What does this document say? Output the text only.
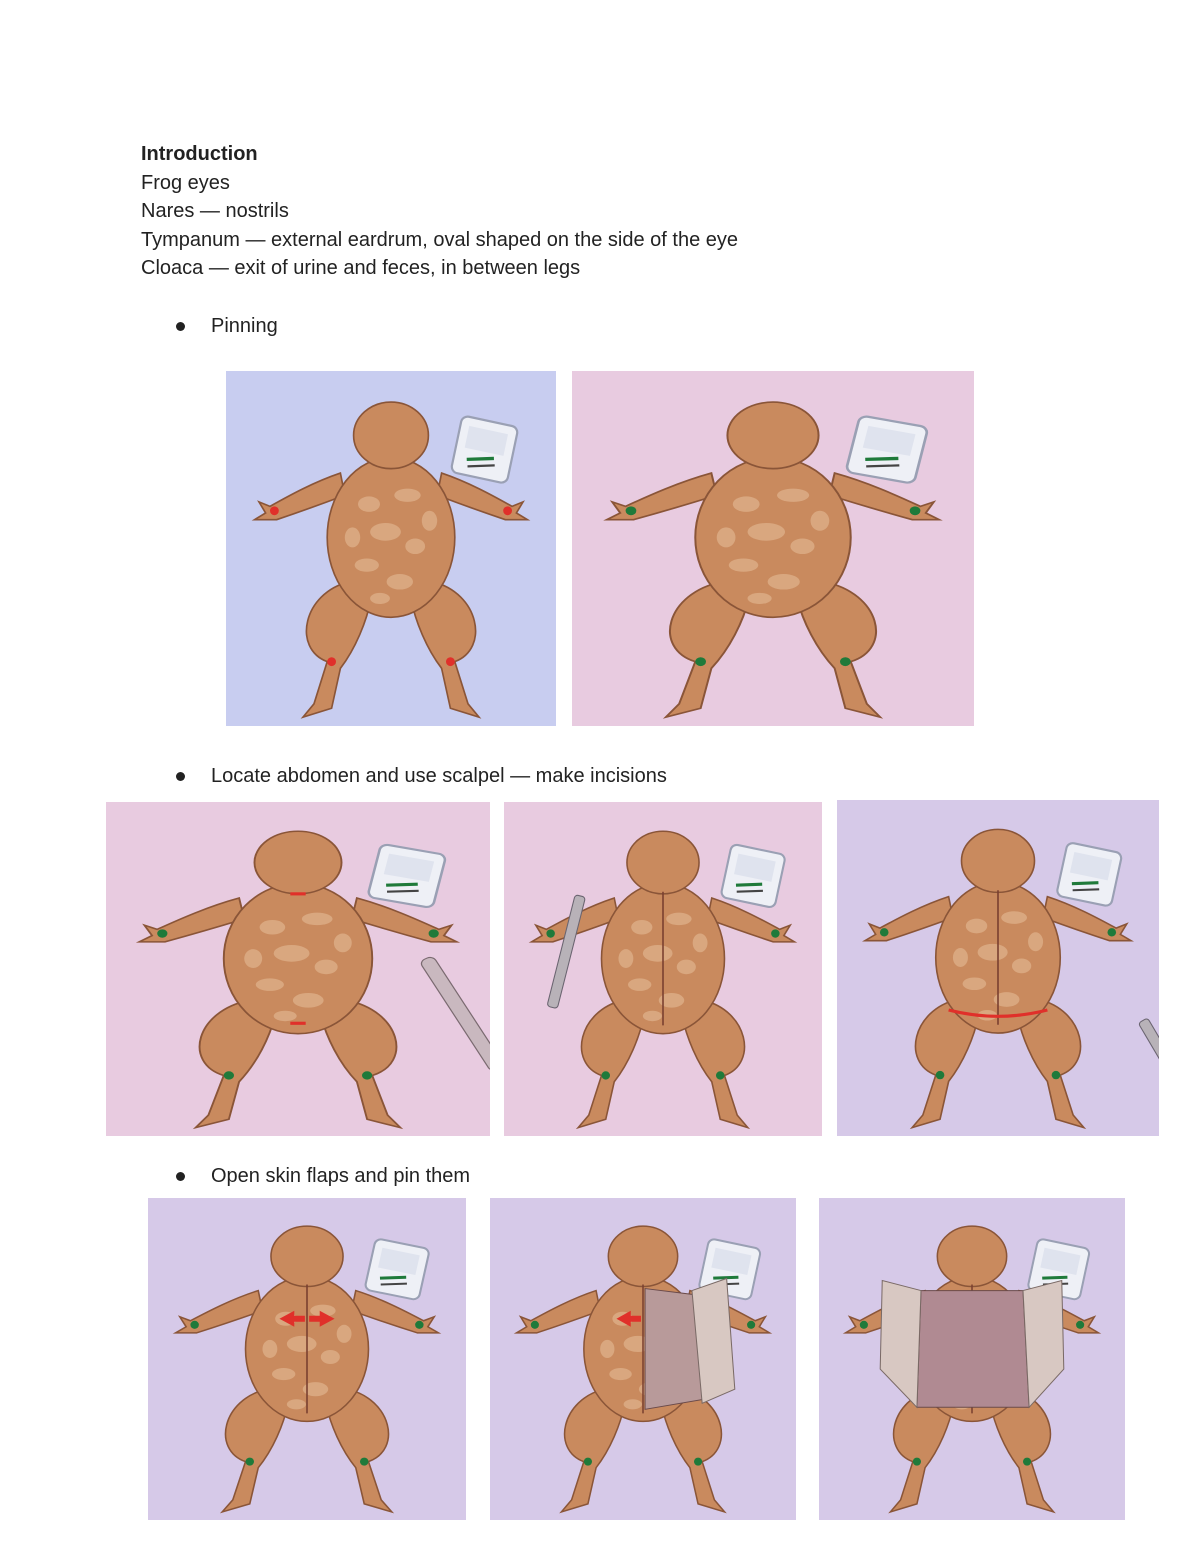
Introduction
Frog eyes
Nares — nostrils
Tympanum — external eardrum, oval shaped on the side of the eye
Cloaca — exit of urine and feces, in between legs
Pinning
Locate abdomen and use scalpel — make incisions
Open skin flaps and pin them
